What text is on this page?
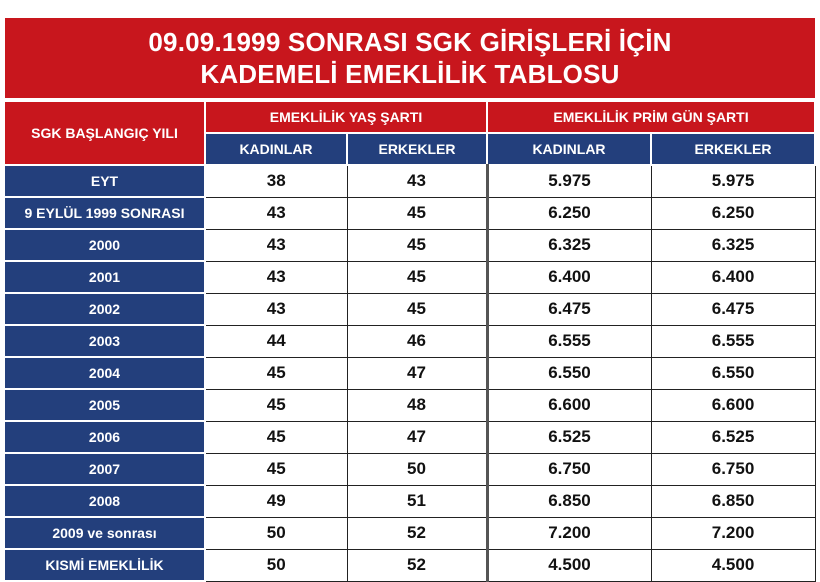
09.09.1999 SONRASI SGK GİRİŞLERİ İÇİN
KADEMELİ EMEKLİLİK TABLOSU
SGK BAŞLANGIÇ YILI	EMEKLİLİK YAŞ ŞARTI		EMEKLİLİK PRİM GÜN ŞARTI	
	KADINLAR	ERKEKLER	KADINLAR	ERKEKLER
EYT	38	43	5.975	5.975
9 EYLÜL 1999 SONRASI	43	45	6.250	6.250
2000	43	45	6.325	6.325
2001	43	45	6.400	6.400
2002	43	45	6.475	6.475
2003	44	46	6.555	6.555
2004	45	47	6.550	6.550
2005	45	48	6.600	6.600
2006	45	47	6.525	6.525
2007	45	50	6.750	6.750
2008	49	51	6.850	6.850
2009 ve sonrası	50	52	7.200	7.200
KISMİ EMEKLİLİK	50	52	4.500	4.500
